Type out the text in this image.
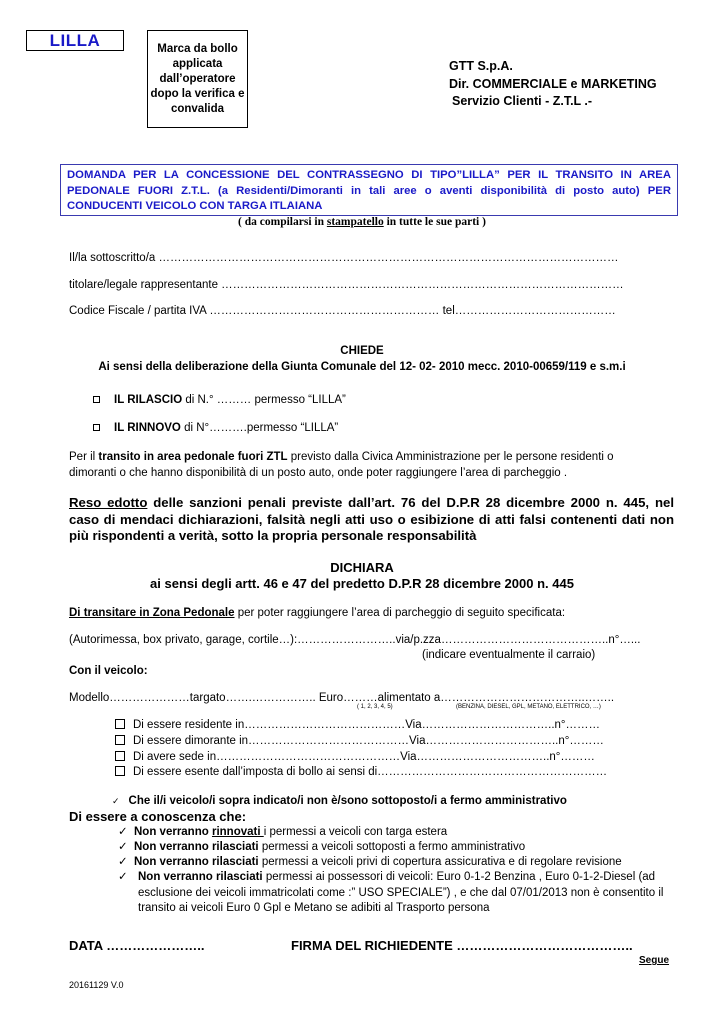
LILLA	Marca da bollo
applicata
dall’operatore
dopo la verifica e
convalida
GTT S.p.A.
Dir. COMMERCIALE e MARKETING
Servizio Clienti - Z.T.L .-
DOMANDA PER LA CONCESSIONE DEL CONTRASSEGNO DI TIPO”LILLA” PER IL TRANSITO IN AREA PEDONALE FUORI Z.T.L. (a Residenti/Dimoranti in tali aree o aventi disponibilità di posto auto) PER CONDUCENTI VEICOLO CON TARGA ITLAIANA
( da compilarsi in stampatello in tutte le sue parti )
Il/la sottoscritto/a …………………………………………………………………………………………………………
titolare/legale rappresentante ……………………………………………………………………………………………
Codice Fiscale / partita IVA …………………………………………………… tel……………………………………
CHIEDE
Ai sensi della deliberazione della Giunta Comunale del 12- 02- 2010 mecc. 2010-00659/119 e s.m.i
IL RILASCIO di N.° ……… permesso “LILLA”
IL RINNOVO di N°……….permesso “LILLA”
Per il transito in area pedonale fuori ZTL previsto dalla Civica Amministrazione per le persone residenti o dimoranti o che hanno disponibilità di un posto auto, onde poter raggiungere l’area di parcheggio .
Reso edotto delle sanzioni penali previste dall’art. 76 del D.P.R 28 dicembre 2000 n. 445, nel caso di mendaci dichiarazioni, falsità negli atti uso o esibizione di atti falsi contenenti dati non più rispondenti a verità, sotto la propria personale responsabilità
DICHIARA
ai sensi degli artt. 46 e 47 del predetto D.P.R 28 dicembre 2000 n. 445
Di transitare in Zona Pedonale per poter raggiungere l’area di parcheggio di seguito specificata:
(Autorimessa, box privato, garage, cortile…):……………………..via/p.zza……………………………………..n°…...
(indicare eventualmente il carraio)
Con il veicolo:
Modello…………………targato…….…………….. Euro………alimentato a………………………………..……..
( 1, 2, 3, 4, 5)	(BENZINA, DIESEL, GPL, METANO, ELETTRICO, …)
Di essere residente in……………………………………Via……………………………..n°………
Di essere dimorante in……………………………………Via……………………………..n°………
Di avere sede in…………………………………………Via……………………………..n°………
Di essere esente dall’imposta di bollo ai sensi di……………………………………………………
✓ Che il/i veicolo/i sopra indicato/i non è/sono sottoposto/i a fermo amministrativo
Di essere a conoscenza che:
✓ Non verranno rinnovati i permessi a veicoli con targa estera
✓ Non verranno rilasciati permessi a veicoli sottoposti a fermo amministrativo
✓ Non verranno rilasciati permessi a veicoli privi di copertura assicurativa e di regolare revisione
✓ Non verranno rilasciati permessi ai possessori di veicoli: Euro 0-1-2 Benzina , Euro 0-1-2-Diesel (ad esclusione dei veicoli immatricolati come :” USO SPECIALE”) , e che dal 07/01/2013 non è consentito il transito ai veicoli Euro 0 Gpl e Metano se adibiti al Trasporto persona
DATA …………………..	FIRMA DEL RICHIEDENTE …………………………………..
Segue
20161129 V.0
